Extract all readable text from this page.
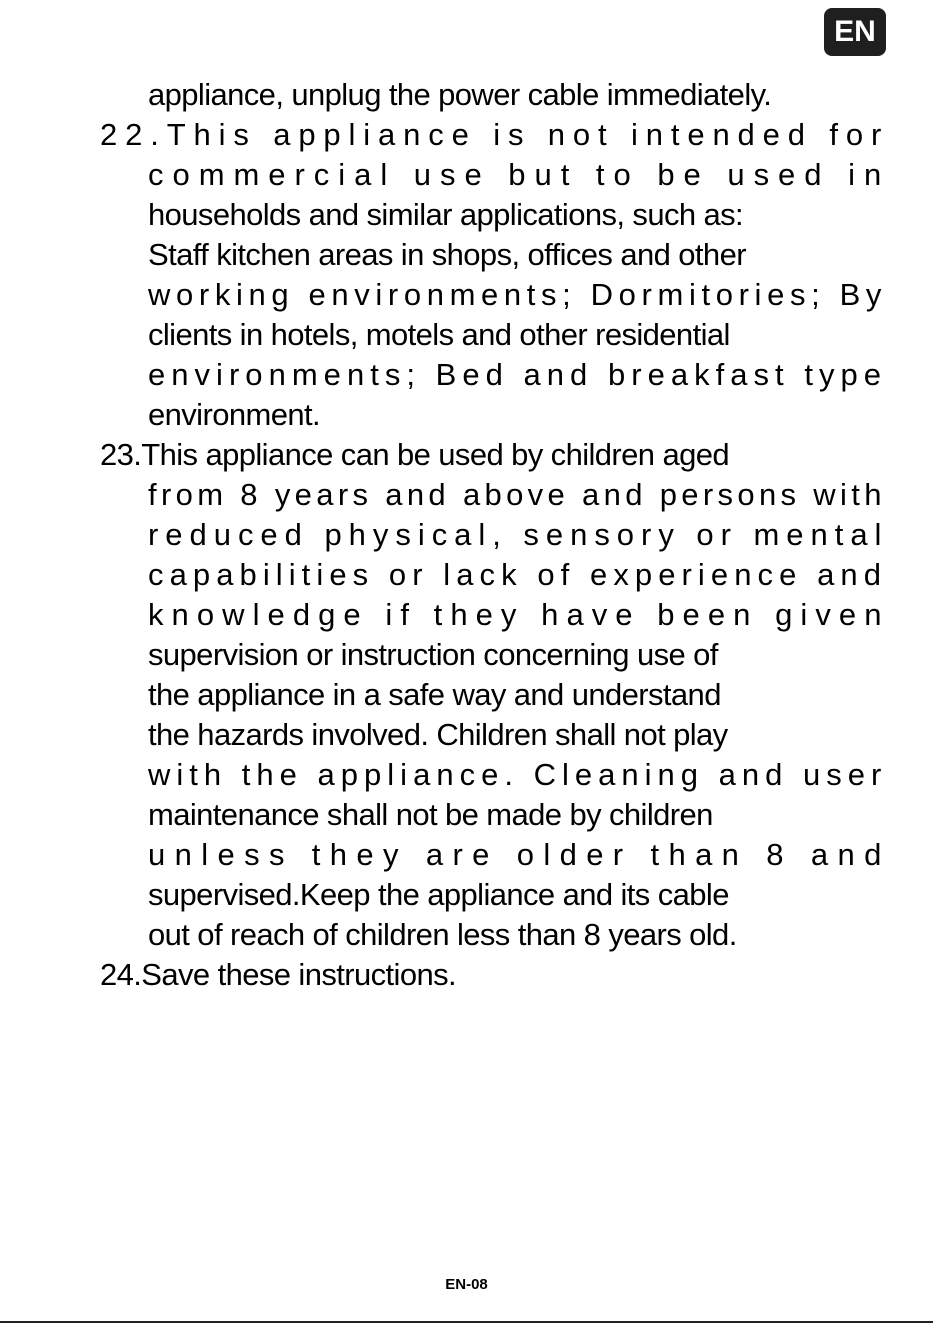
EN
appliance, unplug the power cable immediately.
2 2 . T h i s
a p p l i a n c e
i s
n o t
i n t e n d e d
f o r
c o m m e r c i a l
u s e
b u t
t o
b e
u s e d
i n
households and similar applications, such as:
Staff kitchen areas in shops, offices and other
w o r k i n g
e n v i r o n m e n t s ;
D o r m i t o r i e s ;
B y
clients in hotels, motels and other residential
e n v i r o n m e n t s ;
B e d
a n d
b r e a k f a s t
t y p e
environment.
23.This appliance can be used by children aged
f r o m
8
y e a r s
a n d
a b o v e
a n d
p e r s o n s
w i t h
r e d u c e d
p h y s i c a l ,
s e n s o r y
o r
m e n t a l
c a p a b i l i t i e s
o r
l a c k
o f
e x p e r i e n c e
a n d
k n o w l e d g e
i f
t h e y
h a v e
b e e n
g i v e n
supervision or instruction concerning use of
the appliance in a safe way and understand
the hazards involved. Children shall not play
w i t h
t h e
a p p l i a n c e .
C l e a n i n g
a n d
u s e r
maintenance shall not be made by children
u n l e s s
t h e y
a r e
o l d e r
t h a n
8
a n d
supervised.Keep the appliance and its cable
out of reach of children less than 8 years old.
24.Save these instructions.
EN-08
